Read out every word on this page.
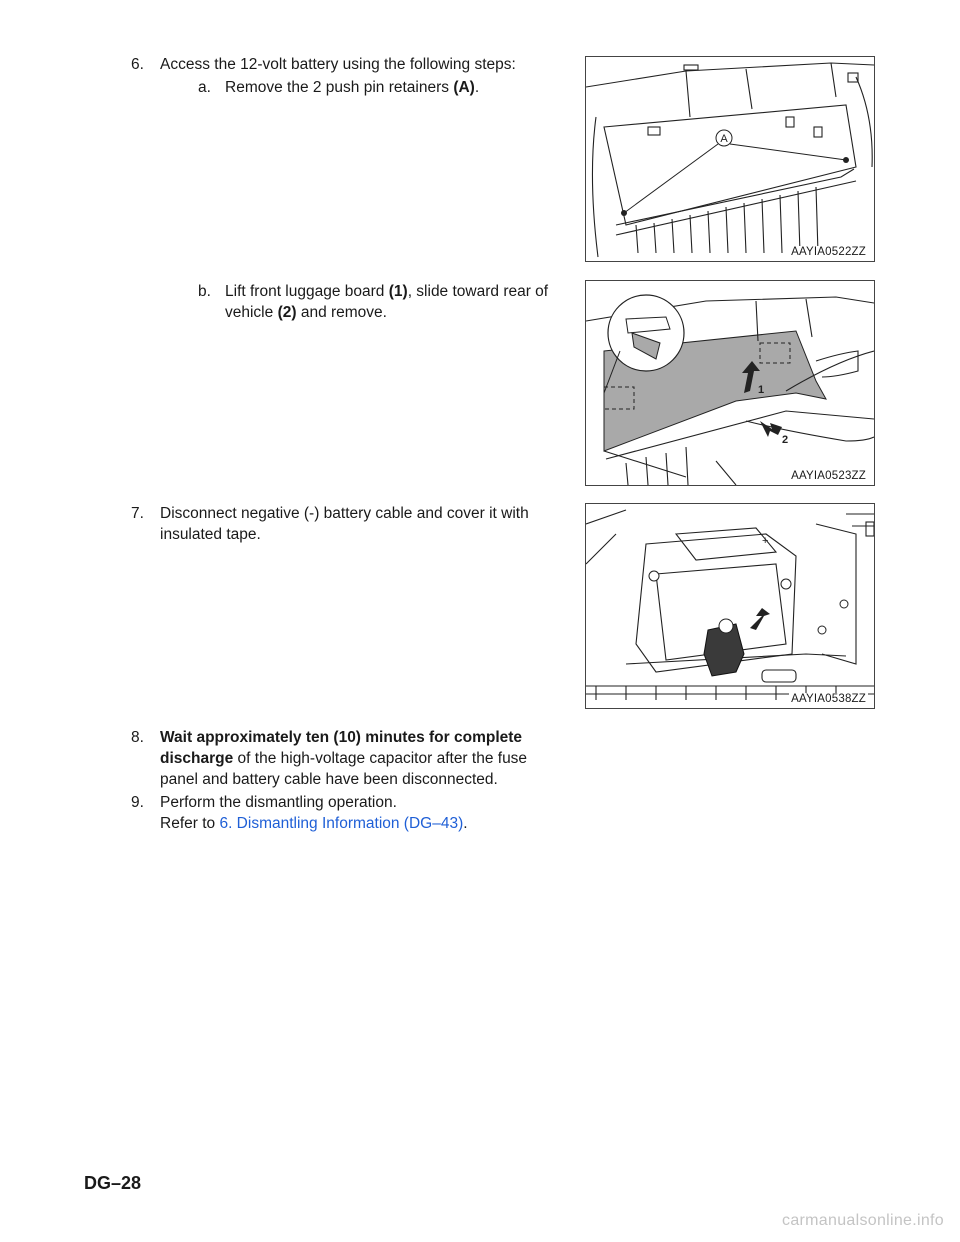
6. Access the 12-volt battery using the following steps:
a. Remove the 2 push pin retainers (A).
b. Lift front luggage board (1), slide toward rear of
vehicle (2) and remove.
7. Disconnect negative (-) battery cable and cover it with
insulated tape.
8. Wait approximately ten (10) minutes for complete
discharge of the high-voltage capacitor after the fuse
panel and battery cable have been disconnected.
9. Perform the dismantling operation.
Refer to 6. Dismantling Information (DG–43).
A
AAYIA0522ZZ
1
2
AAYIA0523ZZ
+
AAYIA0538ZZ
DG–28
carmanualsonline.info
